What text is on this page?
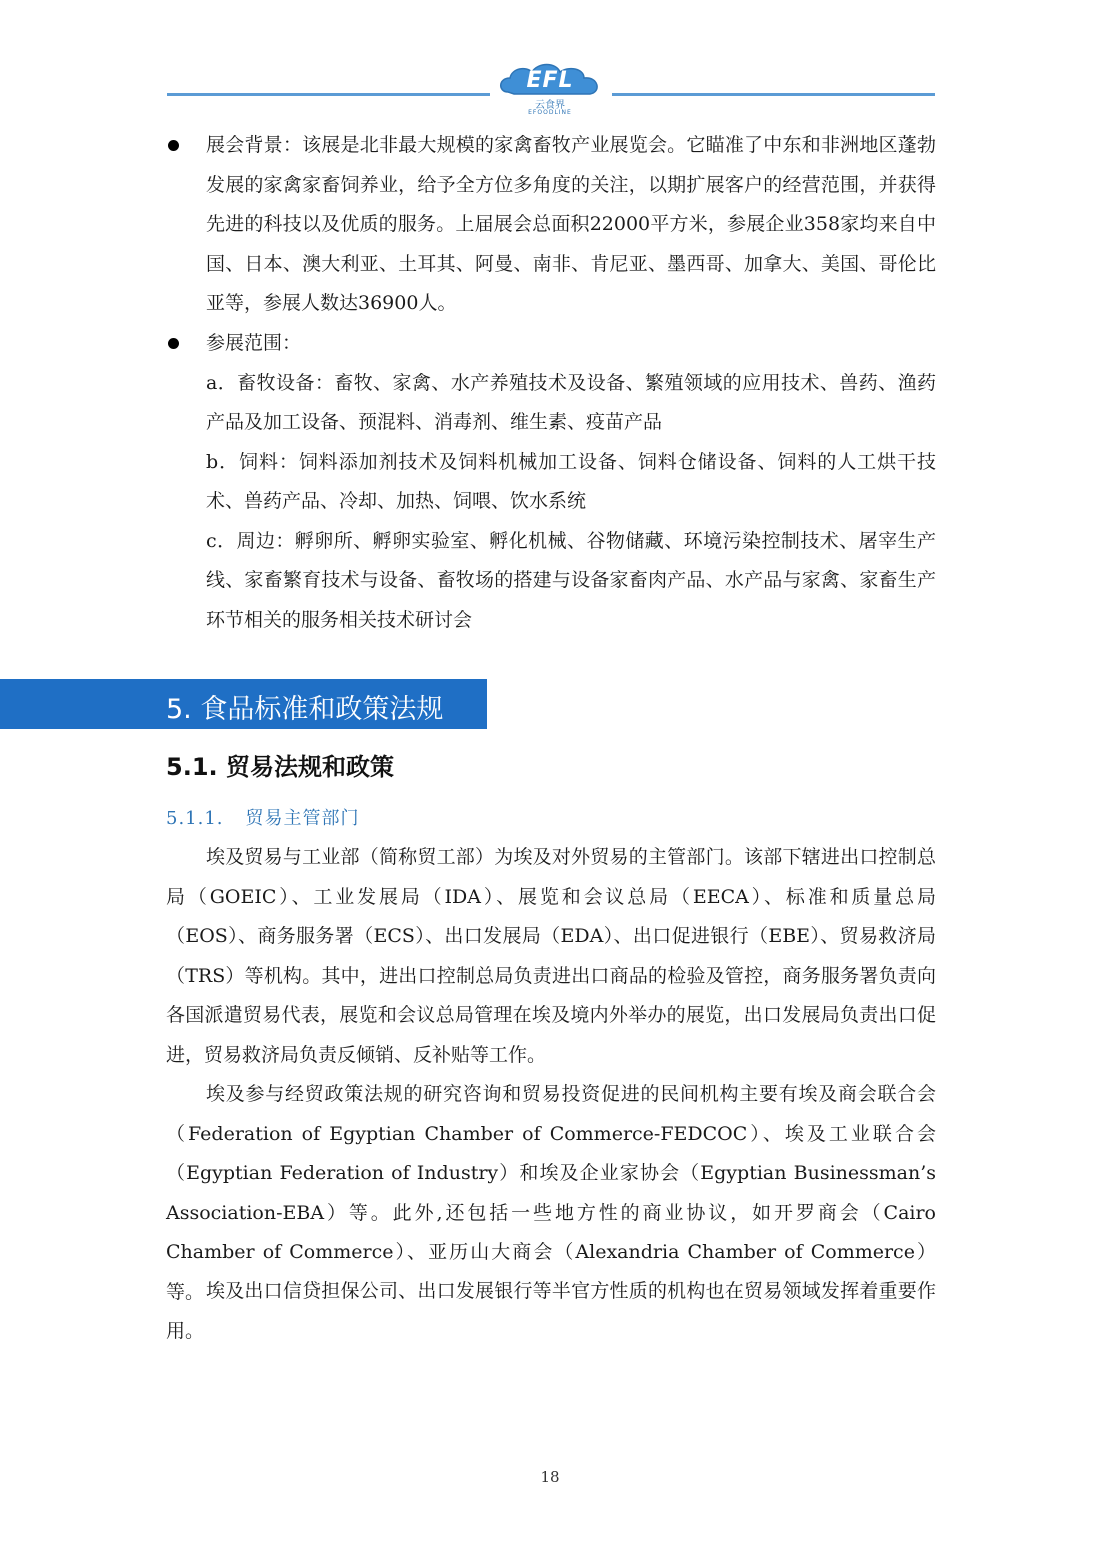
EFL
云食界
EFOODLINE
展会背景：该展是北非最大规模的家禽畜牧产业展览会。它瞄准了中东和非洲地区蓬勃发展的家禽家畜饲养业，给予全方位多角度的关注，以期扩展客户的经营范围，并获得先进的科技以及优质的服务。上届展会总面积22000平方米，参展企业358家均来自中国、日本、澳大利亚、土耳其、阿曼、南非、肯尼亚、墨西哥、加拿大、美国、哥伦比亚等，参展人数达36900人。
参展范围：
a．畜牧设备：畜牧、家禽、水产养殖技术及设备、繁殖领域的应用技术、兽药、渔药产品及加工设备、预混料、消毒剂、维生素、疫苗产品
b．饲料：饲料添加剂技术及饲料机械加工设备、饲料仓储设备、饲料的人工烘干技术、兽药产品、冷却、加热、饲喂、饮水系统
c．周边：孵卵所、孵卵实验室、孵化机械、谷物储藏、环境污染控制技术、屠宰生产线、家畜繁育技术与设备、畜牧场的搭建与设备家畜肉产品、水产品与家禽、家畜生产环节相关的服务相关技术研讨会
5. 食品标准和政策法规
5.1. 贸易法规和政策
5.1.1. 贸易主管部门

埃及贸易与工业部（简称贸工部）为埃及对外贸易的主管部门。该部下辖进出口控制总局（GOEIC）、工业发展局（IDA）、展览和会议总局（EECA）、标准和质量总局（EOS）、商务服务署（ECS）、出口发展局（EDA）、出口促进银行（EBE）、贸易救济局（TRS）等机构。其中，进出口控制总局负责进出口商品的检验及管控，商务服务署负责向各国派遣贸易代表，展览和会议总局管理在埃及境内外举办的展览，出口发展局负责出口促进，贸易救济局负责反倾销、反补贴等工作。

埃及参与经贸政策法规的研究咨询和贸易投资促进的民间机构主要有埃及商会联合会（Federation of Egyptian Chamber of Commerce-FEDCOC）、埃及工业联合会（Egyptian Federation of Industry）和埃及企业家协会（Egyptian Businessman’s Association-EBA）等。此外,还包括一些地方性的商业协议，如开罗商会（Cairo Chamber of Commerce）、亚历山大商会（Alexandria Chamber of Commerce）等。 埃及出口信贷担保公司、出口发展银行等半官方性质的机构也在贸易领域发挥着重要作用。

18
